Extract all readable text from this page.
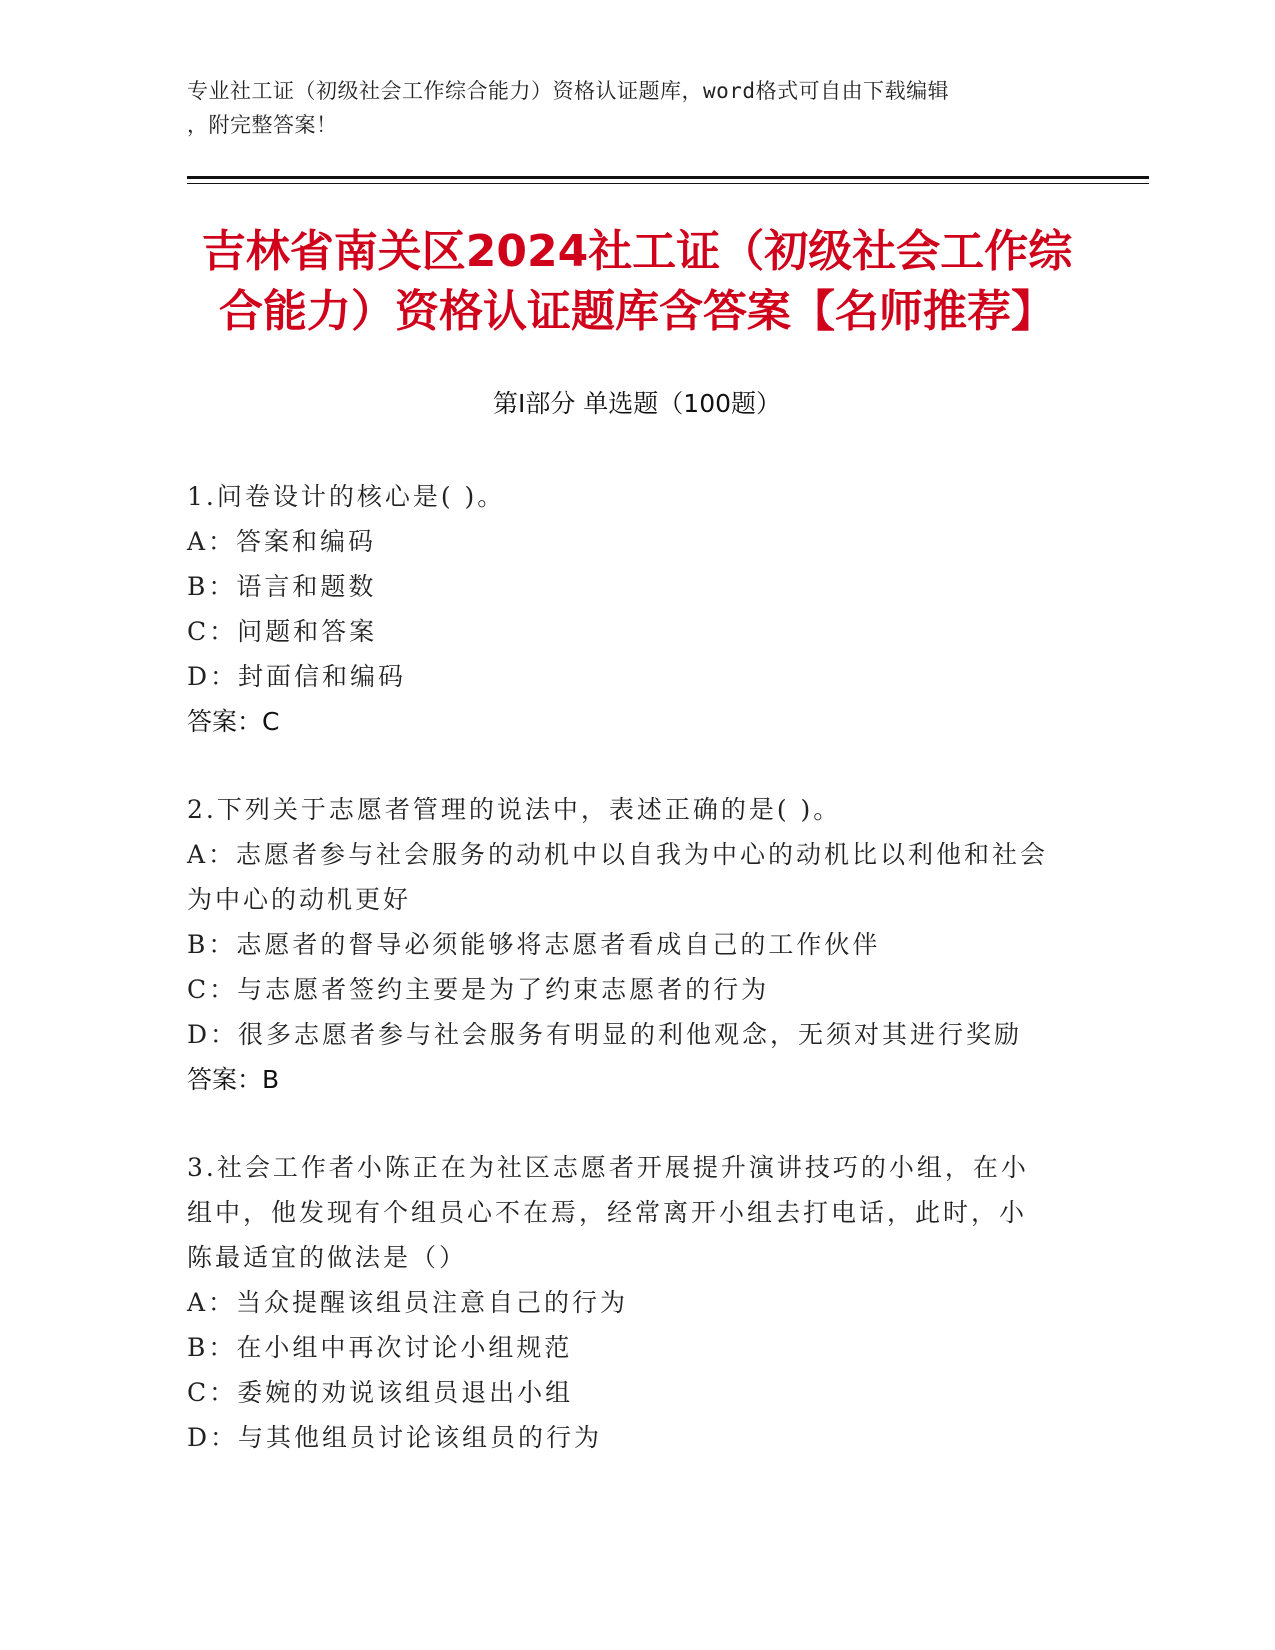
专业社工证（初级社会工作综合能力）资格认证题库，word格式可自由下载编辑
，附完整答案！
吉林省南关区2024社工证（初级社会工作综
合能力）资格认证题库含答案【名师推荐】
第Ⅰ部分 单选题（100题）

1.问卷设计的核心是( )。

A：答案和编码

B：语言和题数

C：问题和答案

D：封面信和编码

答案：C

2.下列关于志愿者管理的说法中，表述正确的是( )。

A：志愿者参与社会服务的动机中以自我为中心的动机比以利他和社会

为中心的动机更好

B：志愿者的督导必须能够将志愿者看成自己的工作伙伴

C：与志愿者签约主要是为了约束志愿者的行为

D：很多志愿者参与社会服务有明显的利他观念，无须对其进行奖励

答案：B

3.社会工作者小陈正在为社区志愿者开展提升演讲技巧的小组，在小

组中，他发现有个组员心不在焉，经常离开小组去打电话，此时，小

陈最适宜的做法是（）

A：当众提醒该组员注意自己的行为

B：在小组中再次讨论小组规范

C：委婉的劝说该组员退出小组

D：与其他组员讨论该组员的行为
